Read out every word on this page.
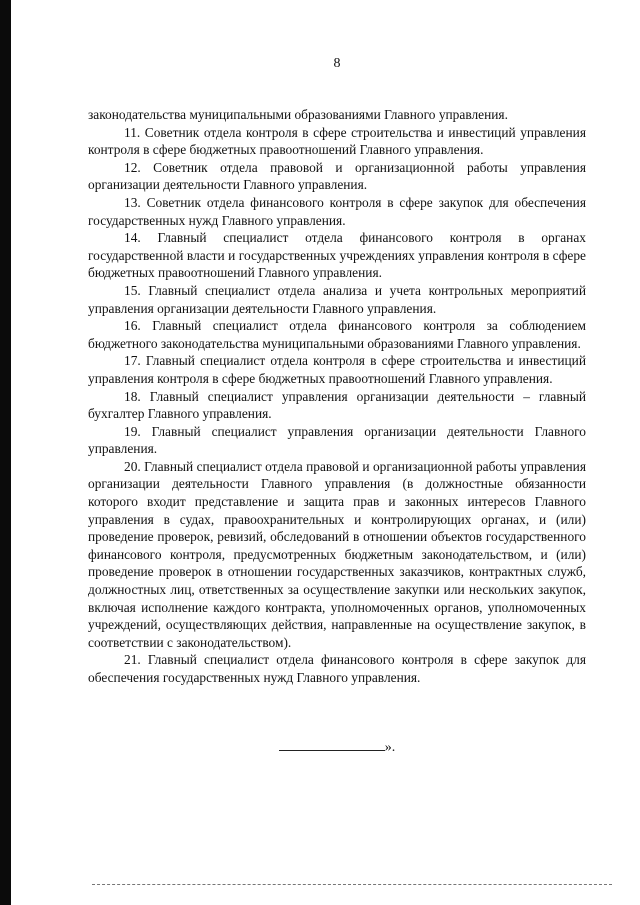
8

законодательства муниципальными образованиями Главного управления.

11. Советник отдела контроля в сфере строительства и инвестиций управления контроля в сфере бюджетных правоотношений Главного управления.

12. Советник отдела правовой и организационной работы управления организации деятельности Главного управления.

13. Советник отдела финансового контроля в сфере закупок для обеспечения государственных нужд Главного управления.

14. Главный специалист отдела финансового контроля в органах государственной власти и государственных учреждениях управления контроля в сфере бюджетных правоотношений Главного управления.

15. Главный специалист отдела анализа и учета контрольных мероприятий управления организации деятельности Главного управления.

16. Главный специалист отдела финансового контроля за соблюдением бюджетного законодательства муниципальными образованиями Главного управления.

17. Главный специалист отдела контроля в сфере строительства и инвестиций управления контроля в сфере бюджетных правоотношений Главного управления.

18. Главный специалист управления организации деятельности – главный бухгалтер Главного управления.

19. Главный специалист управления организации деятельности Главного управления.

20. Главный специалист отдела правовой и организационной работы управления организации деятельности Главного управления (в должностные обязанности которого входит представление и защита прав и законных интересов Главного управления в судах, правоохранительных и контролирующих органах, и (или) проведение проверок, ревизий, обследований в отношении объектов государственного финансового контроля, предусмотренных бюджетным законодательством, и (или) проведение проверок в отношении государственных заказчиков, контрактных служб, должностных лиц, ответственных за осуществление закупки или нескольких закупок, включая исполнение каждого контракта, уполномоченных органов, уполномоченных учреждений, осуществляющих действия, направленные на осуществление закупок, в соответствии с законодательством).

21. Главный специалист отдела финансового контроля в сфере закупок для обеспечения государственных нужд Главного управления.

».
